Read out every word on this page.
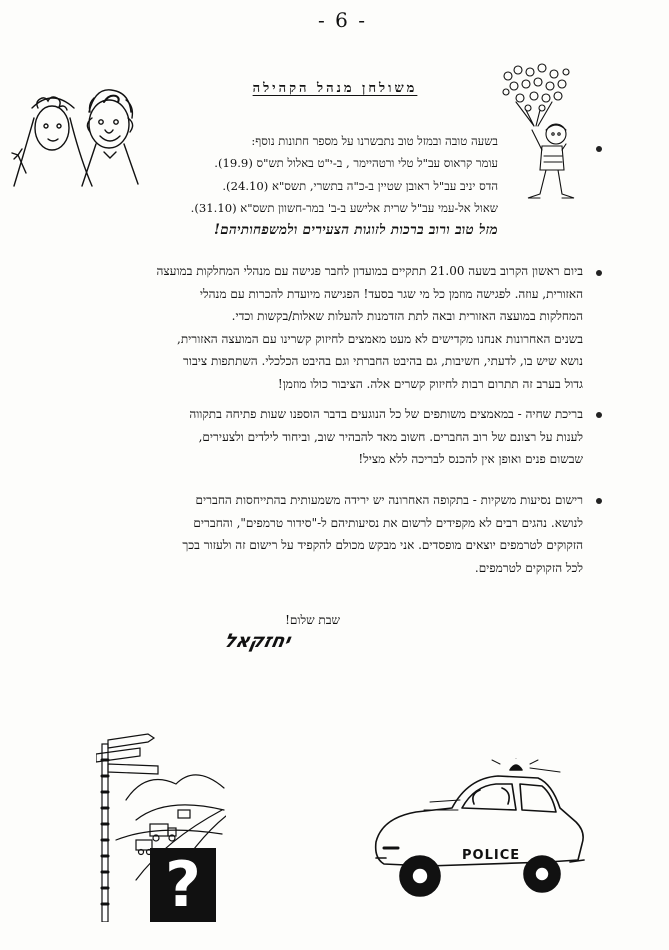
- 6 -
משולחן מנהל הקהילה
בשעה טובה ובמזל טוב נתבשרנו על מספר חתונות נוסף:
עומר קראוס עב"ל טלי ורטהיימר , ב-י"ט באלול תש"ס (19.9).
הדס יניב עב"ל ראובן שטיין ב-כ"ה בתשרי, תשס"א (24.10).
שאול אל-עמי עב"ל שרית אלישע ב-ב' במר-חשוון תשס"א (31.10).
מזל טוב ורוב ברכות לזוגות הצעירים ולמשפחותיהם!
ביום ראשון הקרוב בשעה 21.00 תתקיים במועדון לחבר פגישה עם מנהלי המחלקות במועצה
האזורית, עוזה. לפגישה מוזמן כל מי שגר בסעד! הפגישה מיועדת להכרות עם מנהלי
המחלקות במועצה האזורית ובאה לתת הזדמנות להעלות שאלות/בקשות וכדי.
בשנים האחרונות אנחנו מקדישים לא מעט מאמצים לחיזוק קשרינו עם המועצה האזורית,
נושא שיש בו, לדעתי, חשיבות, גם בהיבט החברתי וגם בהיבט הכלכלי. השתתפות ציבור
גדול בערב זה תתרום רבות לחיזוק קשרים אלה. הציבור כולו מוזמן!
בריכת שחיה - במאמצים משותפים של כל הנוגעים בדבר הוספנו שעות פתיחה בתקווה
לענות על רצונם של רוב החברים. חשוב מאד להבהיר שוב, וביחוד לילדים ולצעירים,
שבשום פנים ואופן אין להכנס לבריכה ללא מציל!
רישום נסיעות משקיות - בתקופה האחרונה יש ירידה משמעותית בהתייחסות החברים
לנושא. נהגים רבים לא מקפידים לרשום את נסיעותיהם ל-"סידור טרמפים", והחברים
הזקוקים לטרמפים יוצאים מופסדים. אני מבקש מכולם להקפיד על רישום זה ולעזור בכך
לכל הזקוקים לטרמפים.
שבת שלום!
יחזקאל
?	POLICE
